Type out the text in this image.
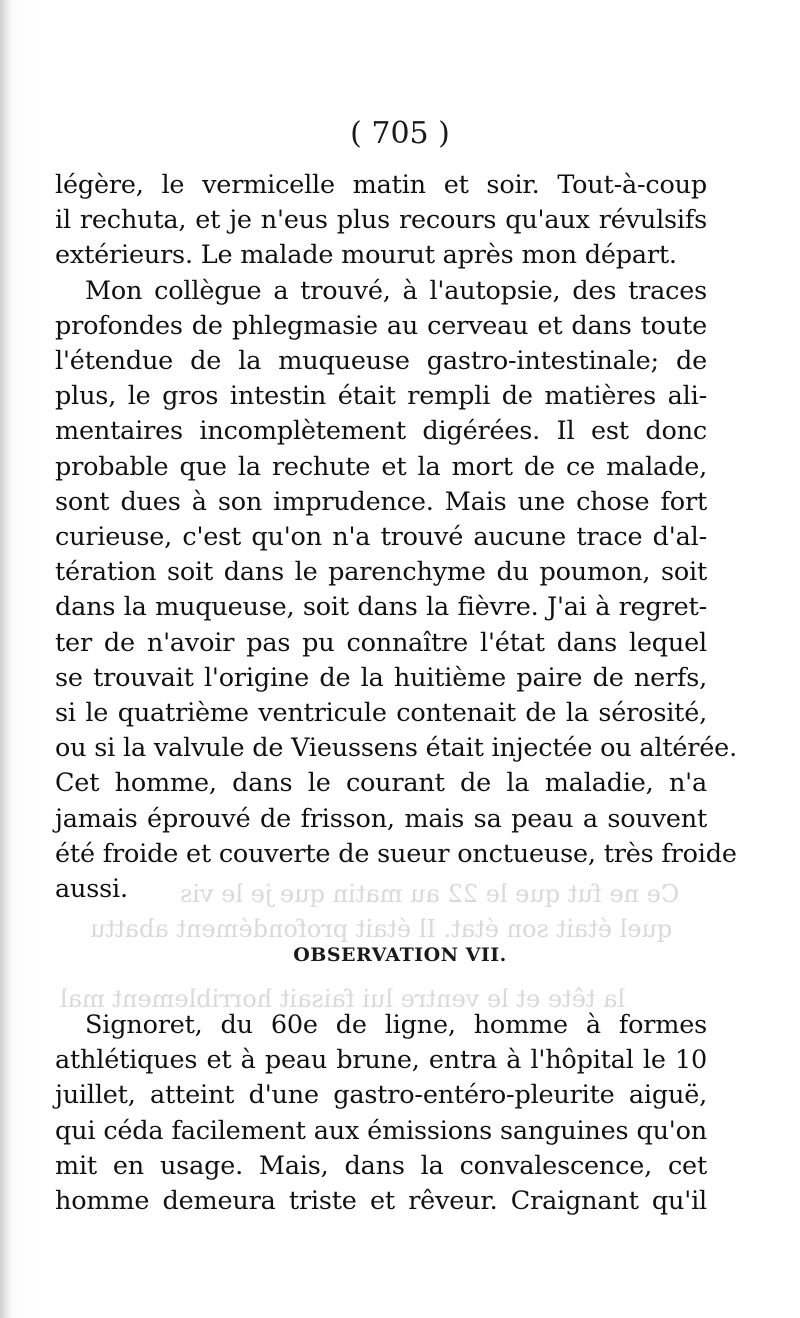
( 705 )
légère, le vermicelle matin et soir. Tout-à-coup
il rechuta, et je n'eus plus recours qu'aux révulsifs
extérieurs. Le malade mourut après mon départ.
Mon collègue a trouvé, à l'autopsie, des traces
profondes de phlegmasie au cerveau et dans toute
l'étendue de la muqueuse gastro-intestinale; de
plus, le gros intestin était rempli de matières ali-
mentaires incomplètement digérées. Il est donc
probable que la rechute et la mort de ce malade,
sont dues à son imprudence. Mais une chose fort
curieuse, c'est qu'on n'a trouvé aucune trace d'al-
tération soit dans le parenchyme du poumon, soit
dans la muqueuse, soit dans la fièvre. J'ai à regret-
ter de n'avoir pas pu connaître l'état dans lequel
se trouvait l'origine de la huitième paire de nerfs,
si le quatrième ventricule contenait de la sérosité,
ou si la valvule de Vieussens était injectée ou altérée.
Cet homme, dans le courant de la maladie, n'a
jamais éprouvé de frisson, mais sa peau a souvent
été froide et couverte de sueur onctueuse, très froide
aussi.	Ce ne fut que le 22 au matin que je le vis
quel était son état. Il était profondément abattu
la tête et le ventre lui faisait horriblement mal
OBSERVATION VII.
Signoret, du 60e de ligne, homme à formes
athlétiques et à peau brune, entra à l'hôpital le 10
juillet, atteint d'une gastro-entéro-pleurite aiguë,
qui céda facilement aux émissions sanguines qu'on
mit en usage. Mais, dans la convalescence, cet
homme demeura triste et rêveur. Craignant qu'il
